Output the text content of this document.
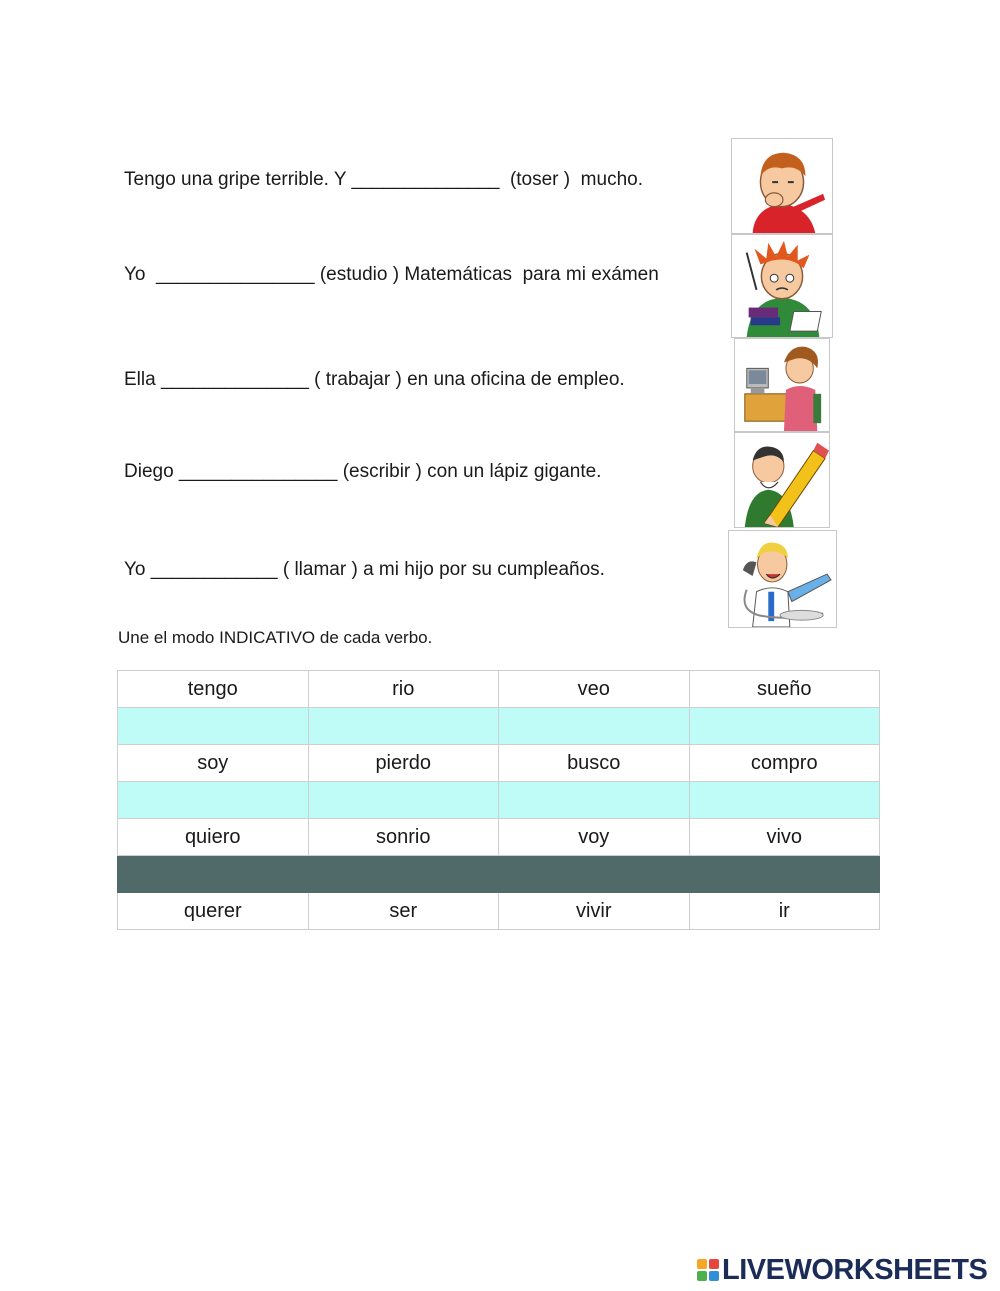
Tengo una gripe terrible. Y ______________  (toser )  mucho.
Yo  _______________ (estudio ) Matemáticas  para mi exámen
Ella ______________ ( trabajar ) en una oficina de empleo.
Diego _______________ (escribir ) con un lápiz gigante.
Yo ____________ ( llamar ) a mi hijo por su cumpleaños.
Une el modo INDICATIVO de cada verbo.
tengo	rio	veo	sueño

soy	pierdo	busco	compro

quiero	sonrio	voy	vivo

querer	ser	vivir	ir
LIVEWORKSHEETS
